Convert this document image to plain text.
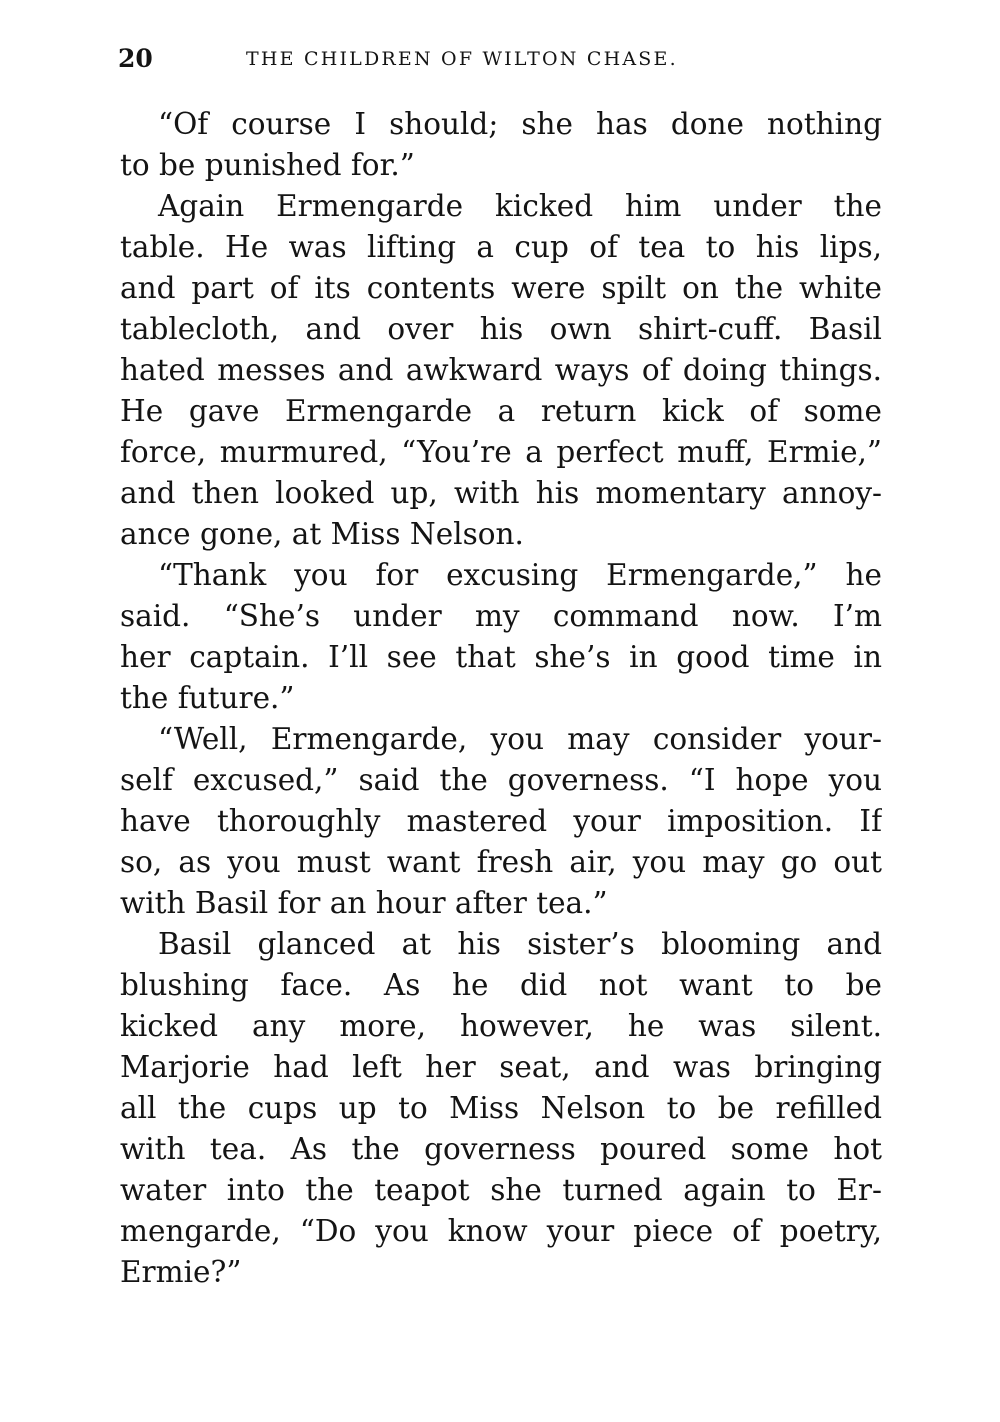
20	THE CHILDREN OF WILTON CHASE.
“Of course I should; she has done nothing
to be punished for.”
Again Ermengarde kicked him under the
table. He was lifting a cup of tea to his lips,
and part of its contents were spilt on the white
tablecloth, and over his own shirt-cuff. Basil
hated messes and awkward ways of doing things.
He gave Ermengarde a return kick of some
force, murmured, “You’re a perfect muff, Ermie,”
and then looked up, with his momentary annoy-
ance gone, at Miss Nelson.
“Thank you for excusing Ermengarde,” he
said. “She’s under my command now. I’m
her captain. I’ll see that she’s in good time in
the future.”
“Well, Ermengarde, you may consider your-
self excused,” said the governess. “I hope you
have thoroughly mastered your imposition. If
so, as you must want fresh air, you may go out
with Basil for an hour after tea.”
Basil glanced at his sister’s blooming and
blushing face. As he did not want to be
kicked any more, however, he was silent.
Marjorie had left her seat, and was bringing
all the cups up to Miss Nelson to be refilled
with tea. As the governess poured some hot
water into the teapot she turned again to Er-
mengarde, “Do you know your piece of poetry,
Ermie?”
